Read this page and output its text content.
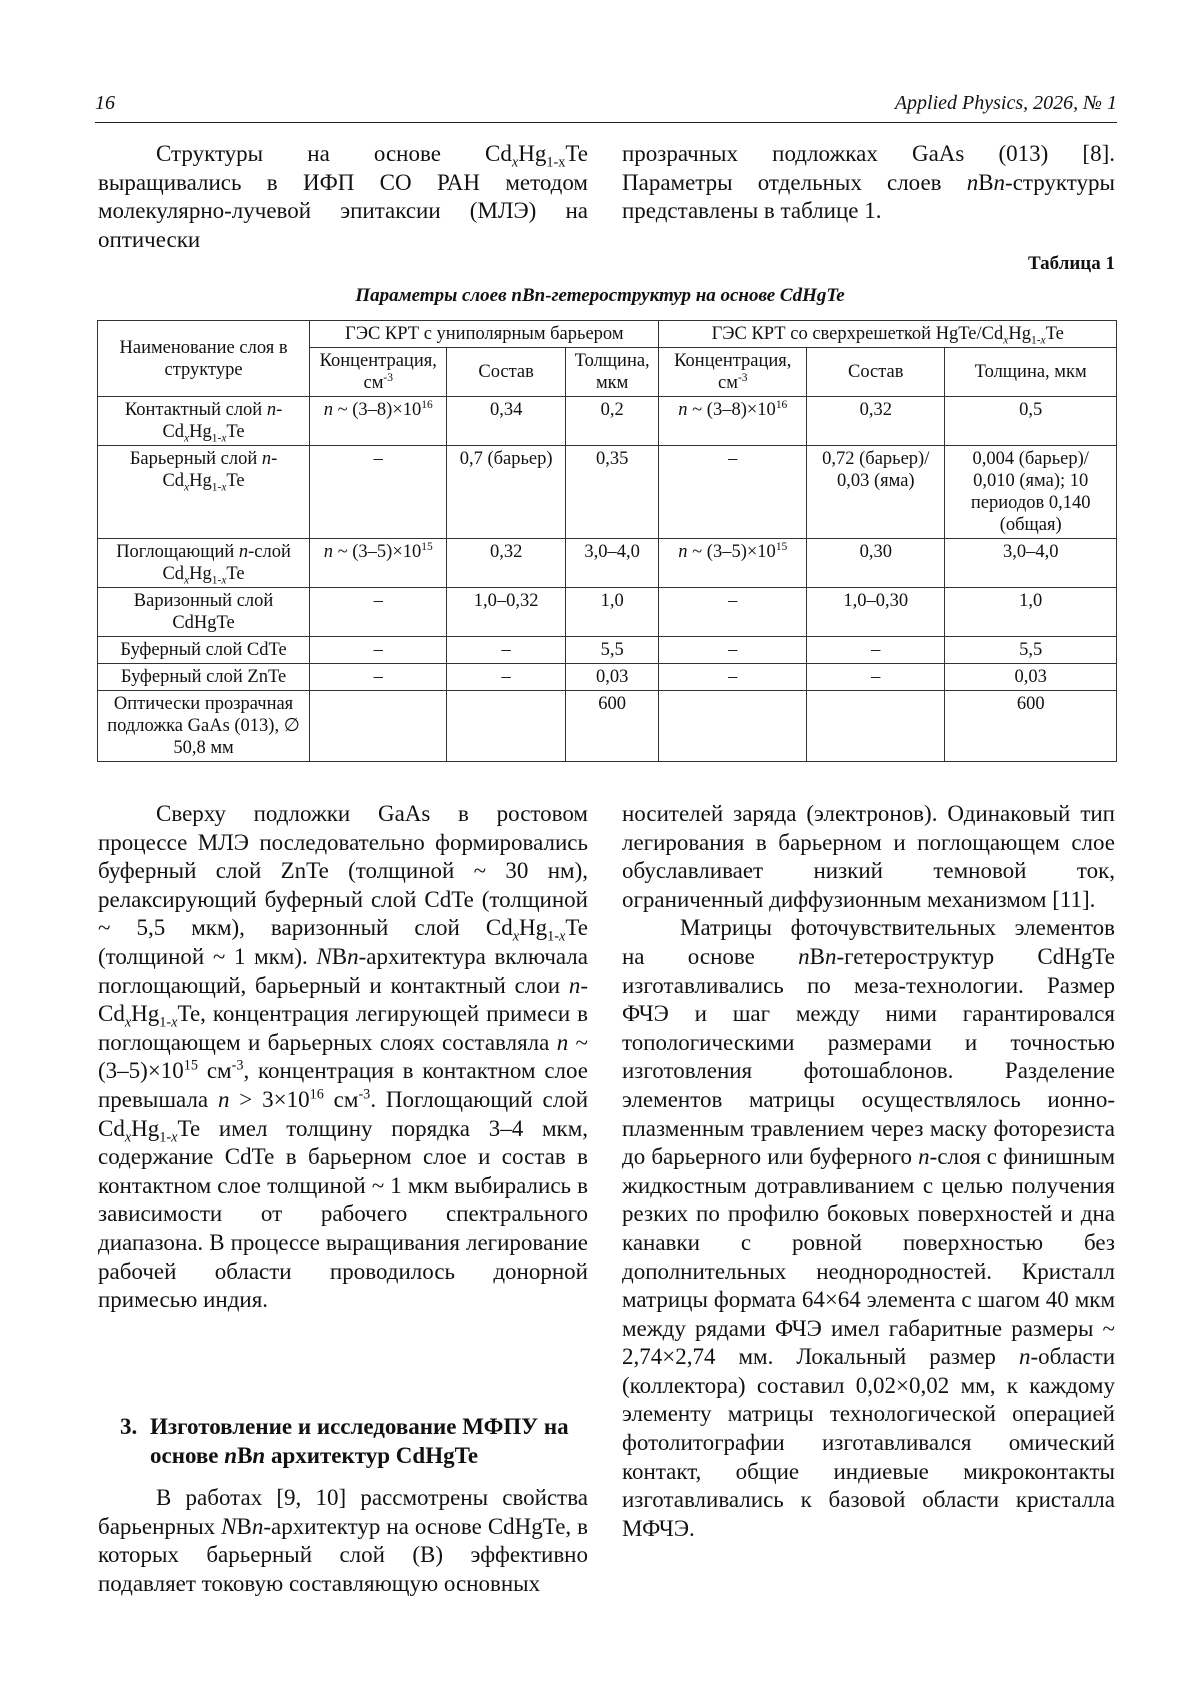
16	Applied Physics, 2026, № 1

Структуры на основе $Cd_xHg_{1-x}Te$ выращивались в ИФП СО РАН методом молекулярно-лучевой эпитаксии (МЛЭ) на оптически

прозрачных подложках GaAs (013) [8]. Параметры отдельных слоев nBn-структуры представлены в таблице 1.

Таблица 1
Параметры слоев nBn-гетероструктур на основе CdHgTe
Наименование слоя в структуре	ГЭС КРТ с униполярным барьером			ГЭС КРТ со сверхрешеткой HgTe/$Cd_xHg_{1-x}Te$		
	Концентрация, $см^{-3}$	Состав	Толщина, мкм	Концентрация, $см^{-3}$	Состав	Толщина, мкм
Контактный слой $n-Cd_xHg_{1-x}Te$	n ~ $(3-8)\times 10^{16}$	0,34	0,2	n ~ $(3-8)\times 10^{16}$	0,32	0,5
Барьерный слой $n-Cd_xHg_{1-x}Te$	–	0,7 (барьер)	0,35	–	0,72 (барьер)/ 0,03 (яма)	0,004 (барьер)/ 0,010 (яма); 10 периодов 0,140 (общая)
Поглощающий n-слой $Cd_xHg_{1-x}Te$	n ~ $(3-5)\times 10^{15}$	0,32	3,0–4,0	n ~ $(3-5)\times 10^{15}$	0,30	3,0–4,0
Варизонный слой CdHgTe	–	1,0–0,32	1,0	–	1,0–0,30	1,0
Буферный слой CdTe	–	–	5,5	–	–	5,5
Буферный слой ZnTe	–	–	0,03	–	–	0,03
Оптически прозрачная подложка GaAs (013), ∅ 50,8 мм			600			600

Сверху подложки GaAs в ростовом процессе МЛЭ последовательно формировались буферный слой ZnTe (толщиной ~ 30 нм), релаксирующий буферный слой CdTe (толщиной ~ 5,5 мкм), варизонный слой $Cd_xHg_{1-x}Te$ (толщиной ~ 1 мкм). NBn-архитектура включала поглощающий, барьерный и контактный слои $n-Cd_xHg_{1-x}Te$, концентрация легирующей примеси в поглощающем и барьерных слоях составляла n ~ $(3-5)\times 10^{15}$ $см^{-3}$, концентрация в контактном слое превышала $n > 3\times 10^{16}$ $см^{-3}$. Поглощающий слой $Cd_xHg_{1-x}Te$ имел толщину порядка 3–4 мкм, содержание CdTe в барьерном слое и состав в контактном слое толщиной ~ 1 мкм выбирались в зависимости от рабочего спектрального диапазона. В процессе выращивания легирование рабочей области проводилось донорной примесью индия.

3. Изготовление и исследование МФПУ на основе nBn архитектур CdHgTe

В работах [9, 10] рассмотрены свойства барьенрных NBn-архитектур на основе CdHgTe, в которых барьерный слой (B) эффективно подавляет токовую составляющую основных

носителей заряда (электронов). Одинаковый тип легирования в барьерном и поглощающем слое обуславливает низкий темновой ток, ограниченный диффузионным механизмом [11].

Матрицы фоточувствительных элементов на основе nBn-гетероструктур CdHgTe изготавливались по меза-технологии. Размер ФЧЭ и шаг между ними гарантировался топологическими размерами и точностью изготовления фотошаблонов. Разделение элементов матрицы осуществлялось ионно-плазменным травлением через маску фоторезиста до барьерного или буферного n-слоя с финишным жидкостным дотравливанием с целью получения резких по профилю боковых поверхностей и дна канавки с ровной поверхностью без дополнительных неоднородностей. Кристалл матрицы формата 64×64 элемента с шагом 40 мкм между рядами ФЧЭ имел габаритные размеры ~ 2,74×2,74 мм. Локальный размер n-области (коллектора) составил 0,02×0,02 мм, к каждому элементу матрицы технологической операцией фотолитографии изготавливался омический контакт, общие индиевые микроконтакты изготавливались к базовой области кристалла МФЧЭ.
